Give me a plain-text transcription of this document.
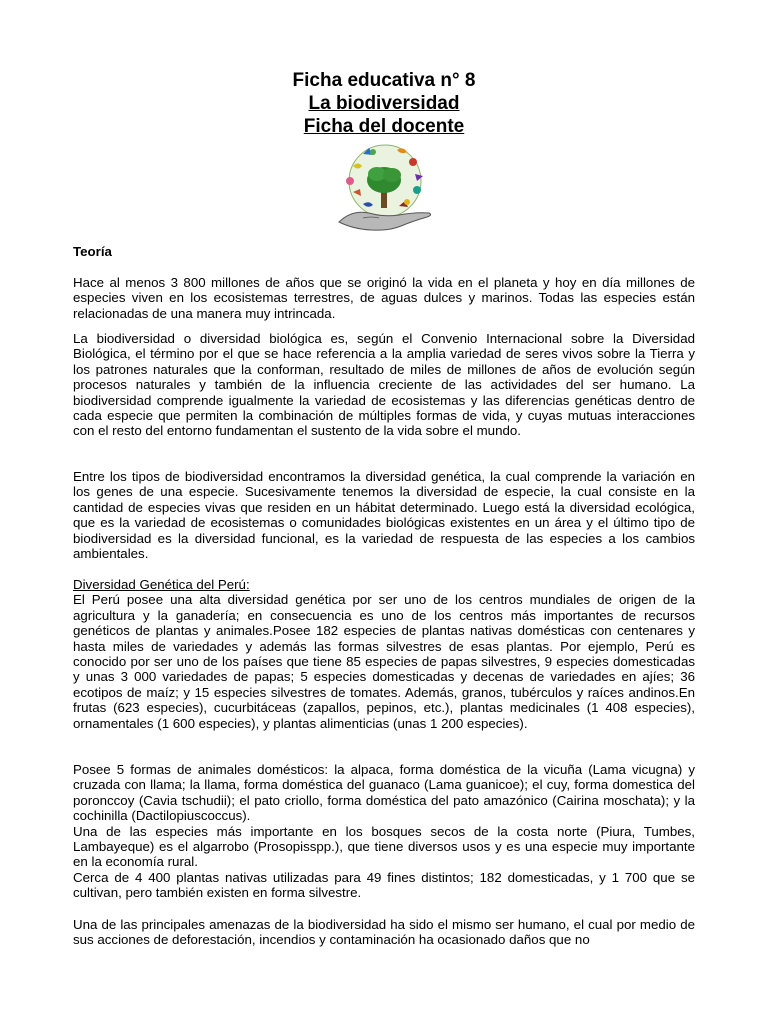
Ficha educativa n° 8
La biodiversidad
Ficha del docente
Teoría

Hace al menos 3 800 millones de años que se originó la vida en el planeta y hoy en día millones de especies viven en los ecosistemas terrestres, de aguas dulces y marinos. Todas las especies están relacionadas de una manera muy intrincada.

La biodiversidad o diversidad biológica es, según el Convenio Internacional sobre la Diversidad Biológica, el término por el que se hace referencia a la amplia variedad de seres vivos sobre la Tierra y los patrones naturales que la conforman, resultado de miles de millones de años de evolución según procesos naturales y también de la influencia creciente de las actividades del ser humano. La biodiversidad comprende igualmente la variedad de ecosistemas y las diferencias genéticas dentro de cada especie que permiten la combinación de múltiples formas de vida, y cuyas mutuas interacciones con el resto del entorno fundamentan el sustento de la vida sobre el mundo.

Entre los tipos de biodiversidad encontramos la diversidad genética, la cual comprende la variación en los genes de una especie. Sucesivamente tenemos la diversidad de especie, la cual consiste en la cantidad de especies vivas que residen en un hábitat determinado. Luego está la diversidad ecológica, que es la variedad de ecosistemas o comunidades biológicas existentes en un área y el último tipo de biodiversidad es la diversidad funcional, es la variedad de respuesta de las especies a los cambios ambientales.

Diversidad Genética del Perú:

El Perú posee una alta diversidad genética por ser uno de los centros mundiales de origen de la agricultura y la ganadería; en consecuencia es uno de los centros más importantes de recursos genéticos de plantas y animales.Posee 182 especies de plantas nativas domésticas con centenares y hasta miles de variedades y además las formas silvestres de esas plantas. Por ejemplo, Perú es conocido por ser uno de los países que tiene 85 especies de papas silvestres, 9 especies domesticadas y unas 3 000 variedades de papas; 5 especies domesticadas y decenas de variedades en ajíes; 36 ecotipos de maíz; y 15 especies silvestres de tomates. Además, granos, tubérculos y raíces andinos.En frutas (623 especies), cucurbitáceas (zapallos, pepinos, etc.), plantas medicinales (1 408 especies), ornamentales (1 600 especies), y plantas alimenticias (unas 1 200 especies).

Posee 5 formas de animales domésticos: la alpaca, forma doméstica de la vicuña (Lama vicugna) y cruzada con llama; la llama, forma doméstica del guanaco (Lama guanicoe); el cuy, forma domestica del poronccoy (Cavia tschudii); el pato criollo, forma doméstica del pato amazónico (Cairina moschata); y la cochinilla (Dactilopiuscoccus).

Una de las especies más importante en los bosques secos de la costa norte (Piura, Tumbes, Lambayeque) es el algarrobo (Prosopisspp.), que tiene diversos usos y es una especie muy importante en la economía rural.

Cerca de 4 400 plantas nativas utilizadas para 49 fines distintos; 182 domesticadas, y 1 700 que se cultivan, pero también existen en forma silvestre.

Una de las principales amenazas de la biodiversidad ha sido el mismo ser humano, el cual por medio de sus acciones de deforestación, incendios y contaminación ha ocasionado daños que no
